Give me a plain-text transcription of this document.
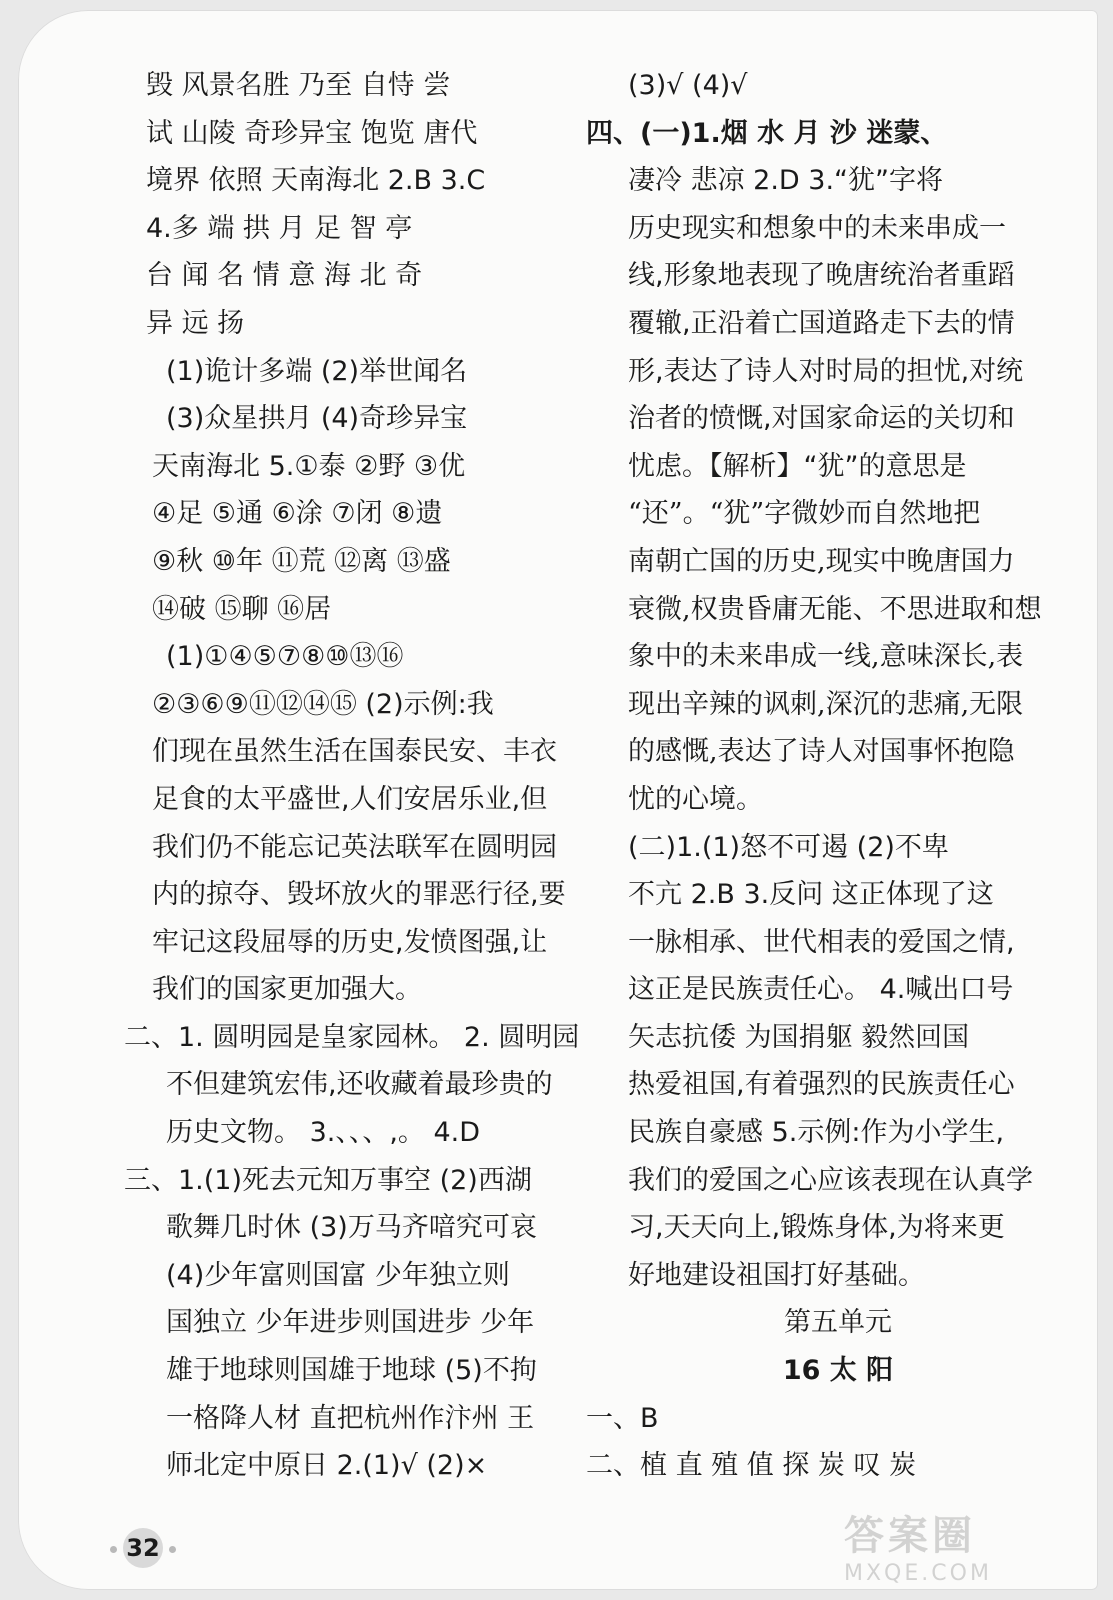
毁 风景名胜 乃至 自恃 尝
试 山陵 奇珍异宝 饱览 唐代
境界 依照 天南海北 2.B 3.C
4.多 端 拱 月 足 智 亭
台 闻 名 情 意 海 北 奇
异 远 扬
(1)诡计多端 (2)举世闻名
(3)众星拱月 (4)奇珍异宝
天南海北 5.①泰 ②野 ③优
④足 ⑤通 ⑥涂 ⑦闭 ⑧遗
⑨秋 ⑩年 ⑪荒 ⑫离 ⑬盛
⑭破 ⑮聊 ⑯居
(1)①④⑤⑦⑧⑩⑬⑯
②③⑥⑨⑪⑫⑭⑮ (2)示例:我
们现在虽然生活在国泰民安、丰衣
足食的太平盛世,人们安居乐业,但
我们仍不能忘记英法联军在圆明园
内的掠夺、毁坏放火的罪恶行径,要
牢记这段屈辱的历史,发愤图强,让
我们的国家更加强大。
二、1. 圆明园是皇家园林。 2. 圆明园
不但建筑宏伟,还收藏着最珍贵的
历史文物。 3.、、、,。 4.D
三、1.(1)死去元知万事空 (2)西湖
歌舞几时休 (3)万马齐喑究可哀
(4)少年富则国富 少年独立则
国独立 少年进步则国进步 少年
雄于地球则国雄于地球 (5)不拘
一格降人材 直把杭州作汴州 王
师北定中原日 2.(1)√ (2)×
(3)√ (4)√
四、(一)1.烟 水 月 沙 迷蒙、
凄冷 悲凉 2.D 3.“犹”字将
历史现实和想象中的未来串成一
线,形象地表现了晚唐统治者重蹈
覆辙,正沿着亡国道路走下去的情
形,表达了诗人对时局的担忧,对统
治者的愤慨,对国家命运的关切和
忧虑。【解析】“犹”的意思是
“还”。“犹”字微妙而自然地把
南朝亡国的历史,现实中晚唐国力
衰微,权贵昏庸无能、不思进取和想
象中的未来串成一线,意味深长,表
现出辛辣的讽刺,深沉的悲痛,无限
的感慨,表达了诗人对国事怀抱隐
忧的心境。
(二)1.(1)怒不可遏 (2)不卑
不亢 2.B 3.反问 这正体现了这
一脉相承、世代相表的爱国之情,
这正是民族责任心。 4.喊出口号
矢志抗倭 为国捐躯 毅然回国
热爱祖国,有着强烈的民族责任心
民族自豪感 5.示例:作为小学生,
我们的爱国之心应该表现在认真学
习,天天向上,锻炼身体,为将来更
好地建设祖国打好基础。
第五单元
16 太 阳
一、B
二、植 直 殖 值 探 炭 叹 炭
32	答案圈
MXQE.COM
